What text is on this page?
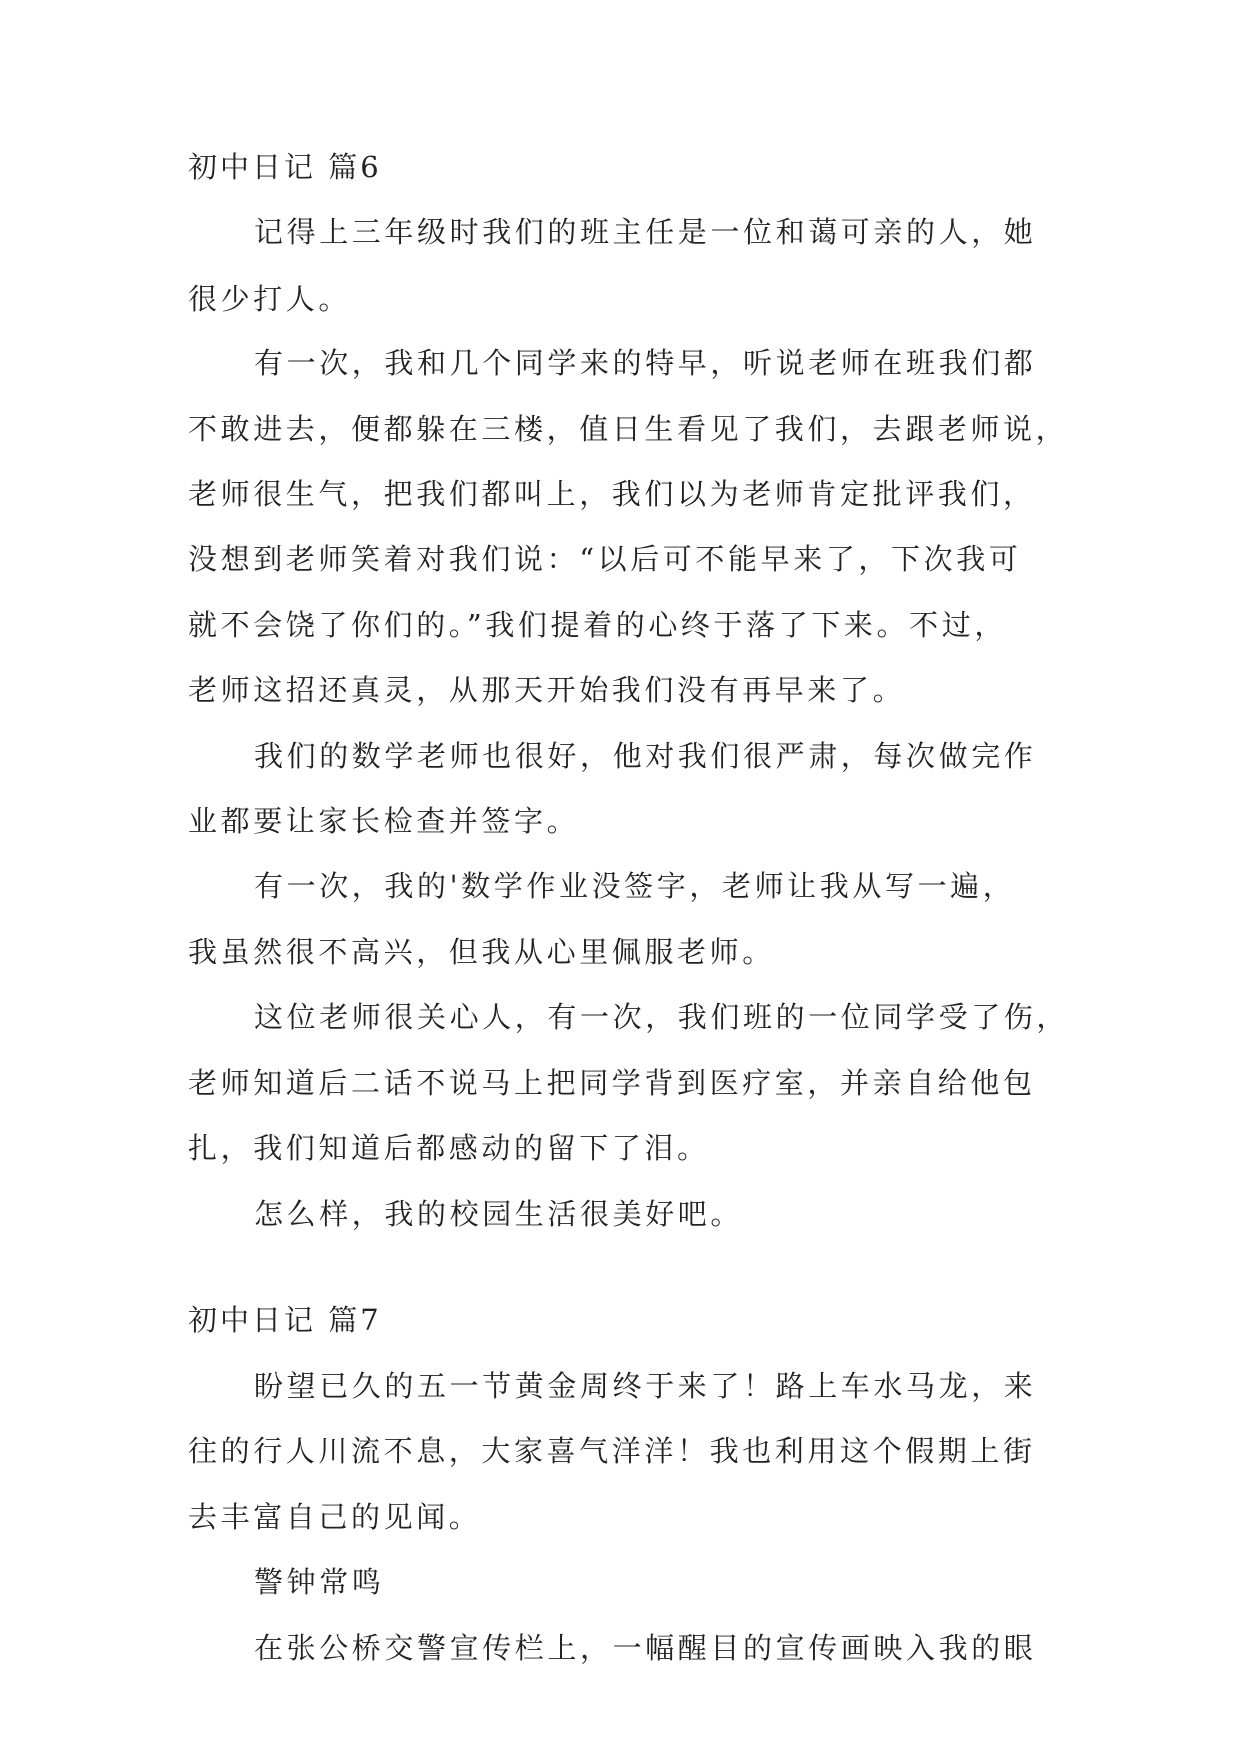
初中日记 篇6
记得上三年级时我们的班主任是一位和蔼可亲的人，她
很少打人。
有一次，我和几个同学来的特早，听说老师在班我们都
不敢进去，便都躲在三楼，值日生看见了我们，去跟老师说，
老师很生气，把我们都叫上，我们以为老师肯定批评我们，
没想到老师笑着对我们说：“以后可不能早来了，下次我可
就不会饶了你们的。”我们提着的心终于落了下来。不过，
老师这招还真灵，从那天开始我们没有再早来了。
我们的数学老师也很好，他对我们很严肃，每次做完作
业都要让家长检查并签字。
有一次，我的'数学作业没签字，老师让我从写一遍，
我虽然很不高兴，但我从心里佩服老师。
这位老师很关心人，有一次，我们班的一位同学受了伤，
老师知道后二话不说马上把同学背到医疗室，并亲自给他包
扎，我们知道后都感动的留下了泪。
怎么样，我的校园生活很美好吧。
初中日记 篇7
盼望已久的五一节黄金周终于来了！路上车水马龙，来
往的行人川流不息，大家喜气洋洋！我也利用这个假期上街
去丰富自己的见闻。
警钟常鸣
在张公桥交警宣传栏上，一幅醒目的宣传画映入我的眼
